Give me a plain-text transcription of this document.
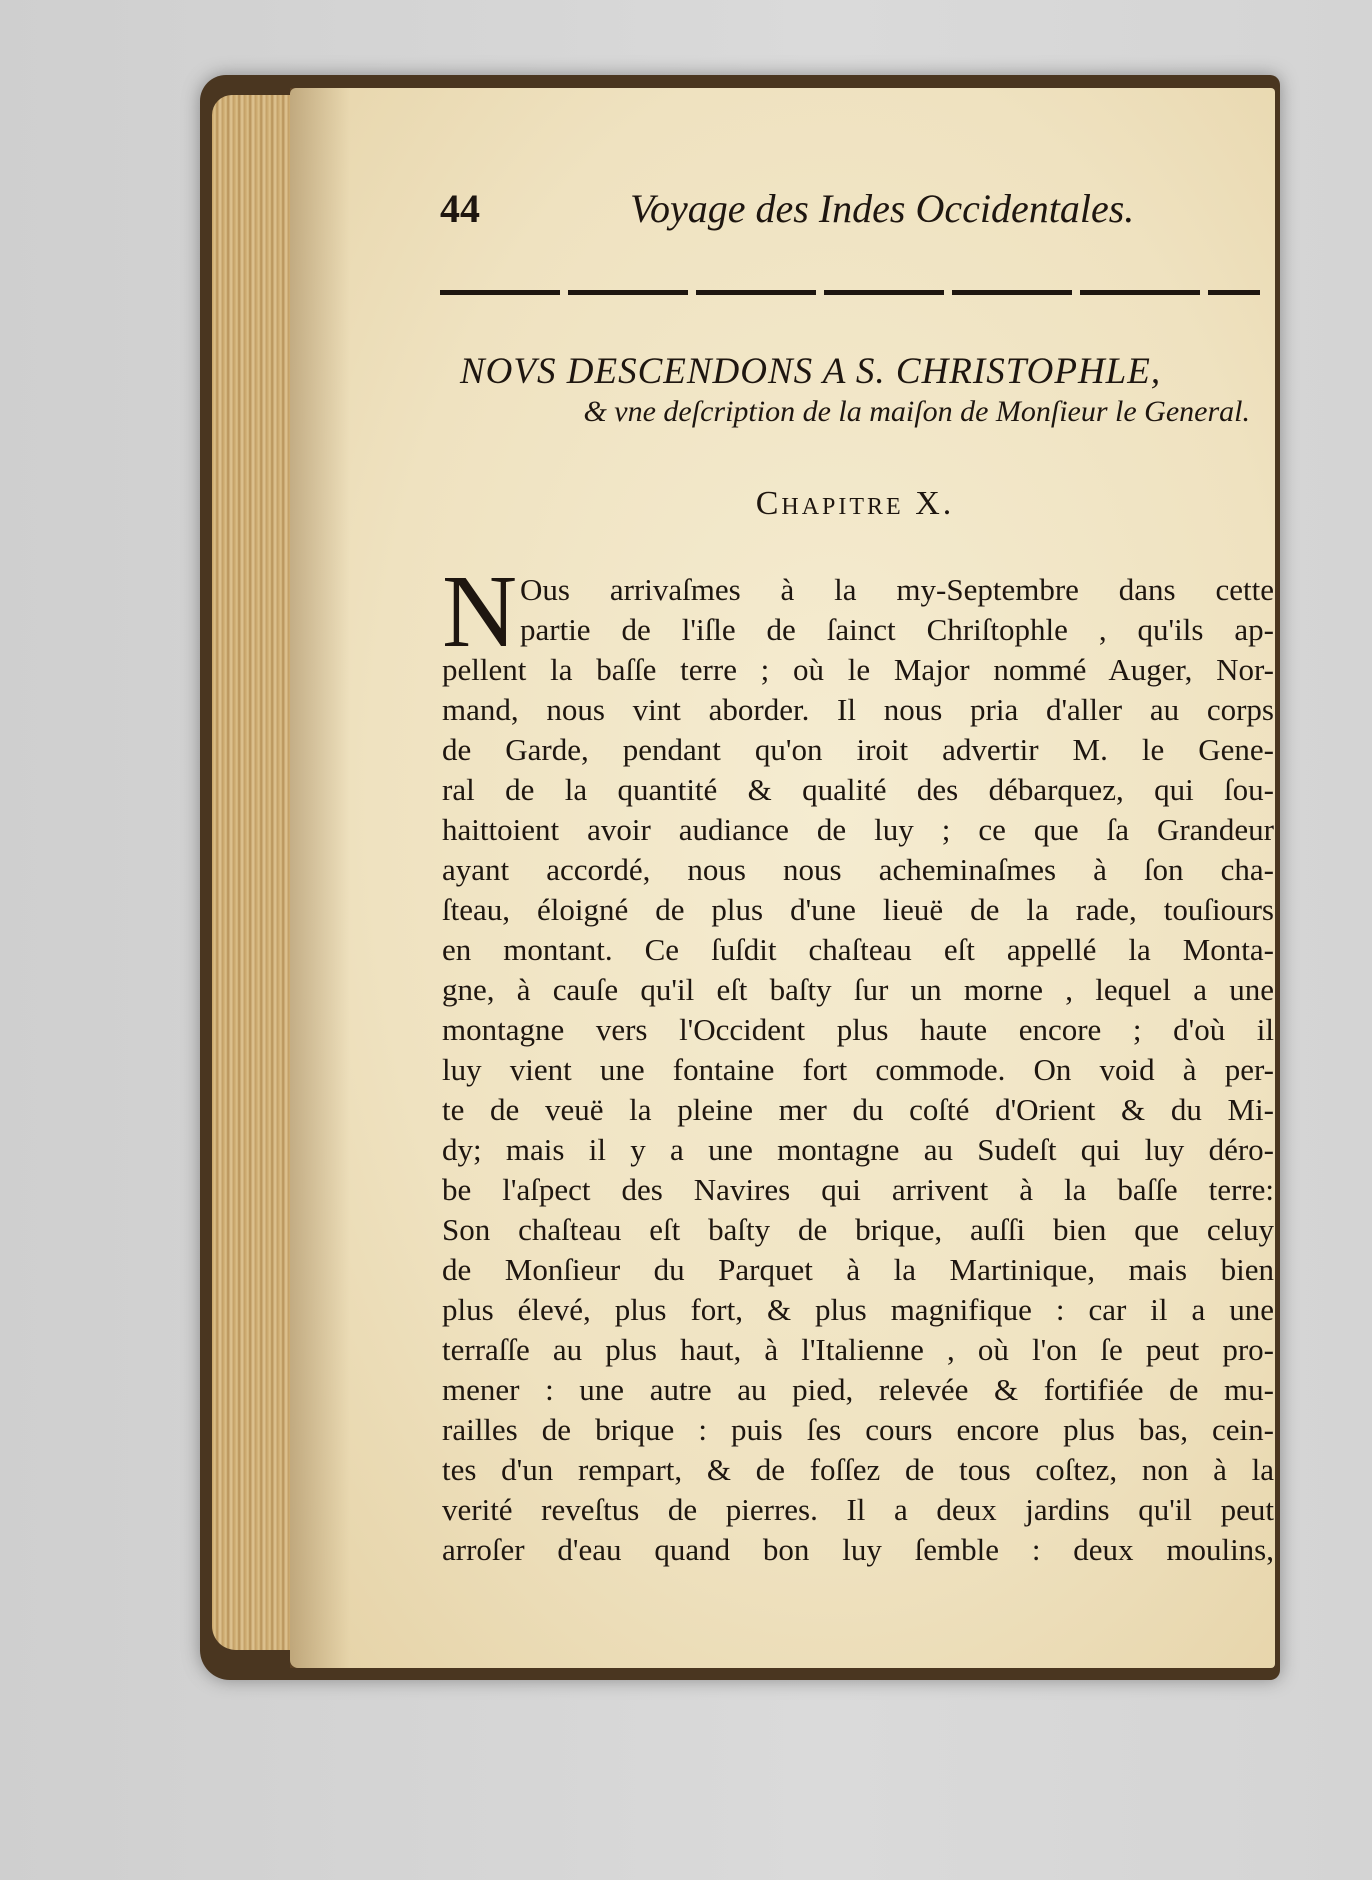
44	Voyage des Indes Occidentales.
NOVS DESCENDONS A S. CHRISTOPHLE,
& vne deſcription de la maiſon de Monſieur le General.
Chapitre X.
N Ous arrivaſmes à la my-Septembre dans cette
partie de l'iſle de ſainct Chriſtophle , qu'ils ap-
pellent la baſſe terre ; où le Major nommé Auger, Nor-
mand, nous vint aborder. Il nous pria d'aller au corps
de Garde, pendant qu'on iroit advertir M. le Gene-
ral de la quantité & qualité des débarquez, qui ſou-
haittoient avoir audiance de luy ; ce que ſa Grandeur
ayant accordé, nous nous acheminaſmes à ſon cha-
ſteau, éloigné de plus d'une lieuë de la rade, touſiours
en montant. Ce ſuſdit chaſteau eſt appellé la Monta-
gne, à cauſe qu'il eſt baſty ſur un morne , lequel a une
montagne vers l'Occident plus haute encore ; d'où il
luy vient une fontaine fort commode. On void à per-
te de veuë la pleine mer du coſté d'Orient & du Mi-
dy; mais il y a une montagne au Sudeſt qui luy déro-
be l'aſpect des Navires qui arrivent à la baſſe terre:
Son chaſteau eſt baſty de brique, auſſi bien que celuy
de Monſieur du Parquet à la Martinique, mais bien
plus élevé, plus fort, & plus magnifique : car il a une
terraſſe au plus haut, à l'Italienne , où l'on ſe peut pro-
mener : une autre au pied, relevée & fortifiée de mu-
railles de brique : puis ſes cours encore plus bas, cein-
tes d'un rempart, & de foſſez de tous coſtez, non à la
verité reveſtus de pierres. Il a deux jardins qu'il peut
arroſer d'eau quand bon luy ſemble : deux moulins,
